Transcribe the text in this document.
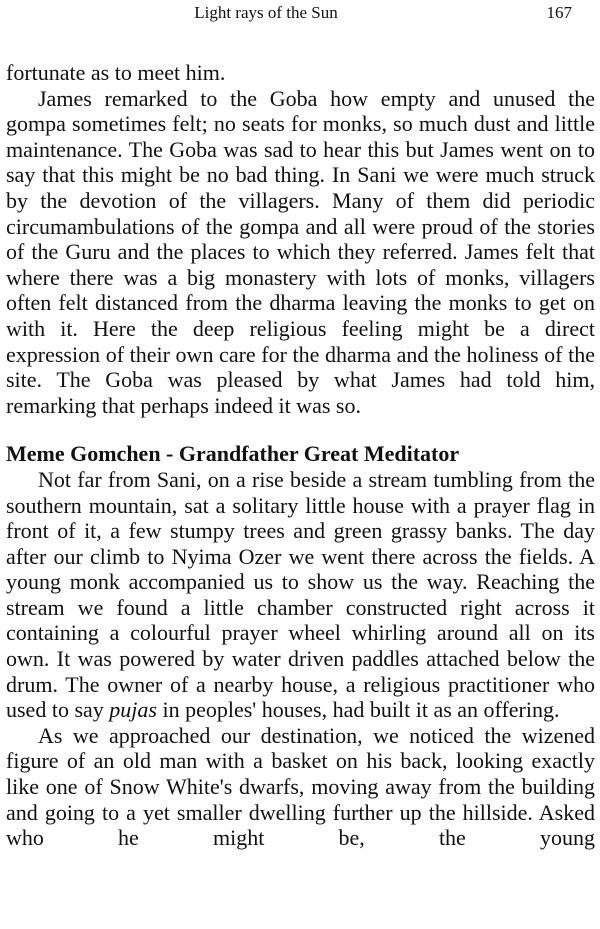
Light rays of the Sun	167

fortunate as to meet him.

James remarked to the Goba how empty and unused the gompa sometimes felt; no seats for monks, so much dust and little maintenance. The Goba was sad to hear this but James went on to say that this might be no bad thing. In Sani we were much struck by the devotion of the villagers. Many of them did periodic circumambulations of the gompa and all were proud of the stories of the Guru and the places to which they referred. James felt that where there was a big monastery with lots of monks, villagers often felt distanced from the dharma leaving the monks to get on with it. Here the deep religious feeling might be a direct expression of their own care for the dharma and the holiness of the site. The Goba was pleased by what James had told him, remarking that perhaps indeed it was so.

Meme Gomchen - Grandfather Great Meditator

Not far from Sani, on a rise beside a stream tumbling from the southern mountain, sat a solitary little house with a prayer flag in front of it, a few stumpy trees and green grassy banks. The day after our climb to Nyima Ozer we went there across the fields. A young monk accompanied us to show us the way. Reaching the stream we found a little chamber constructed right across it containing a colourful prayer wheel whirling around all on its own. It was powered by water driven paddles attached below the drum. The owner of a nearby house, a religious practitioner who used to say pujas in peoples' houses, had built it as an offering.

As we approached our destination, we noticed the wizened figure of an old man with a basket on his back, looking exactly like one of Snow White's dwarfs, moving away from the building and going to a yet smaller dwelling further up the hillside. Asked who he might be, the young
